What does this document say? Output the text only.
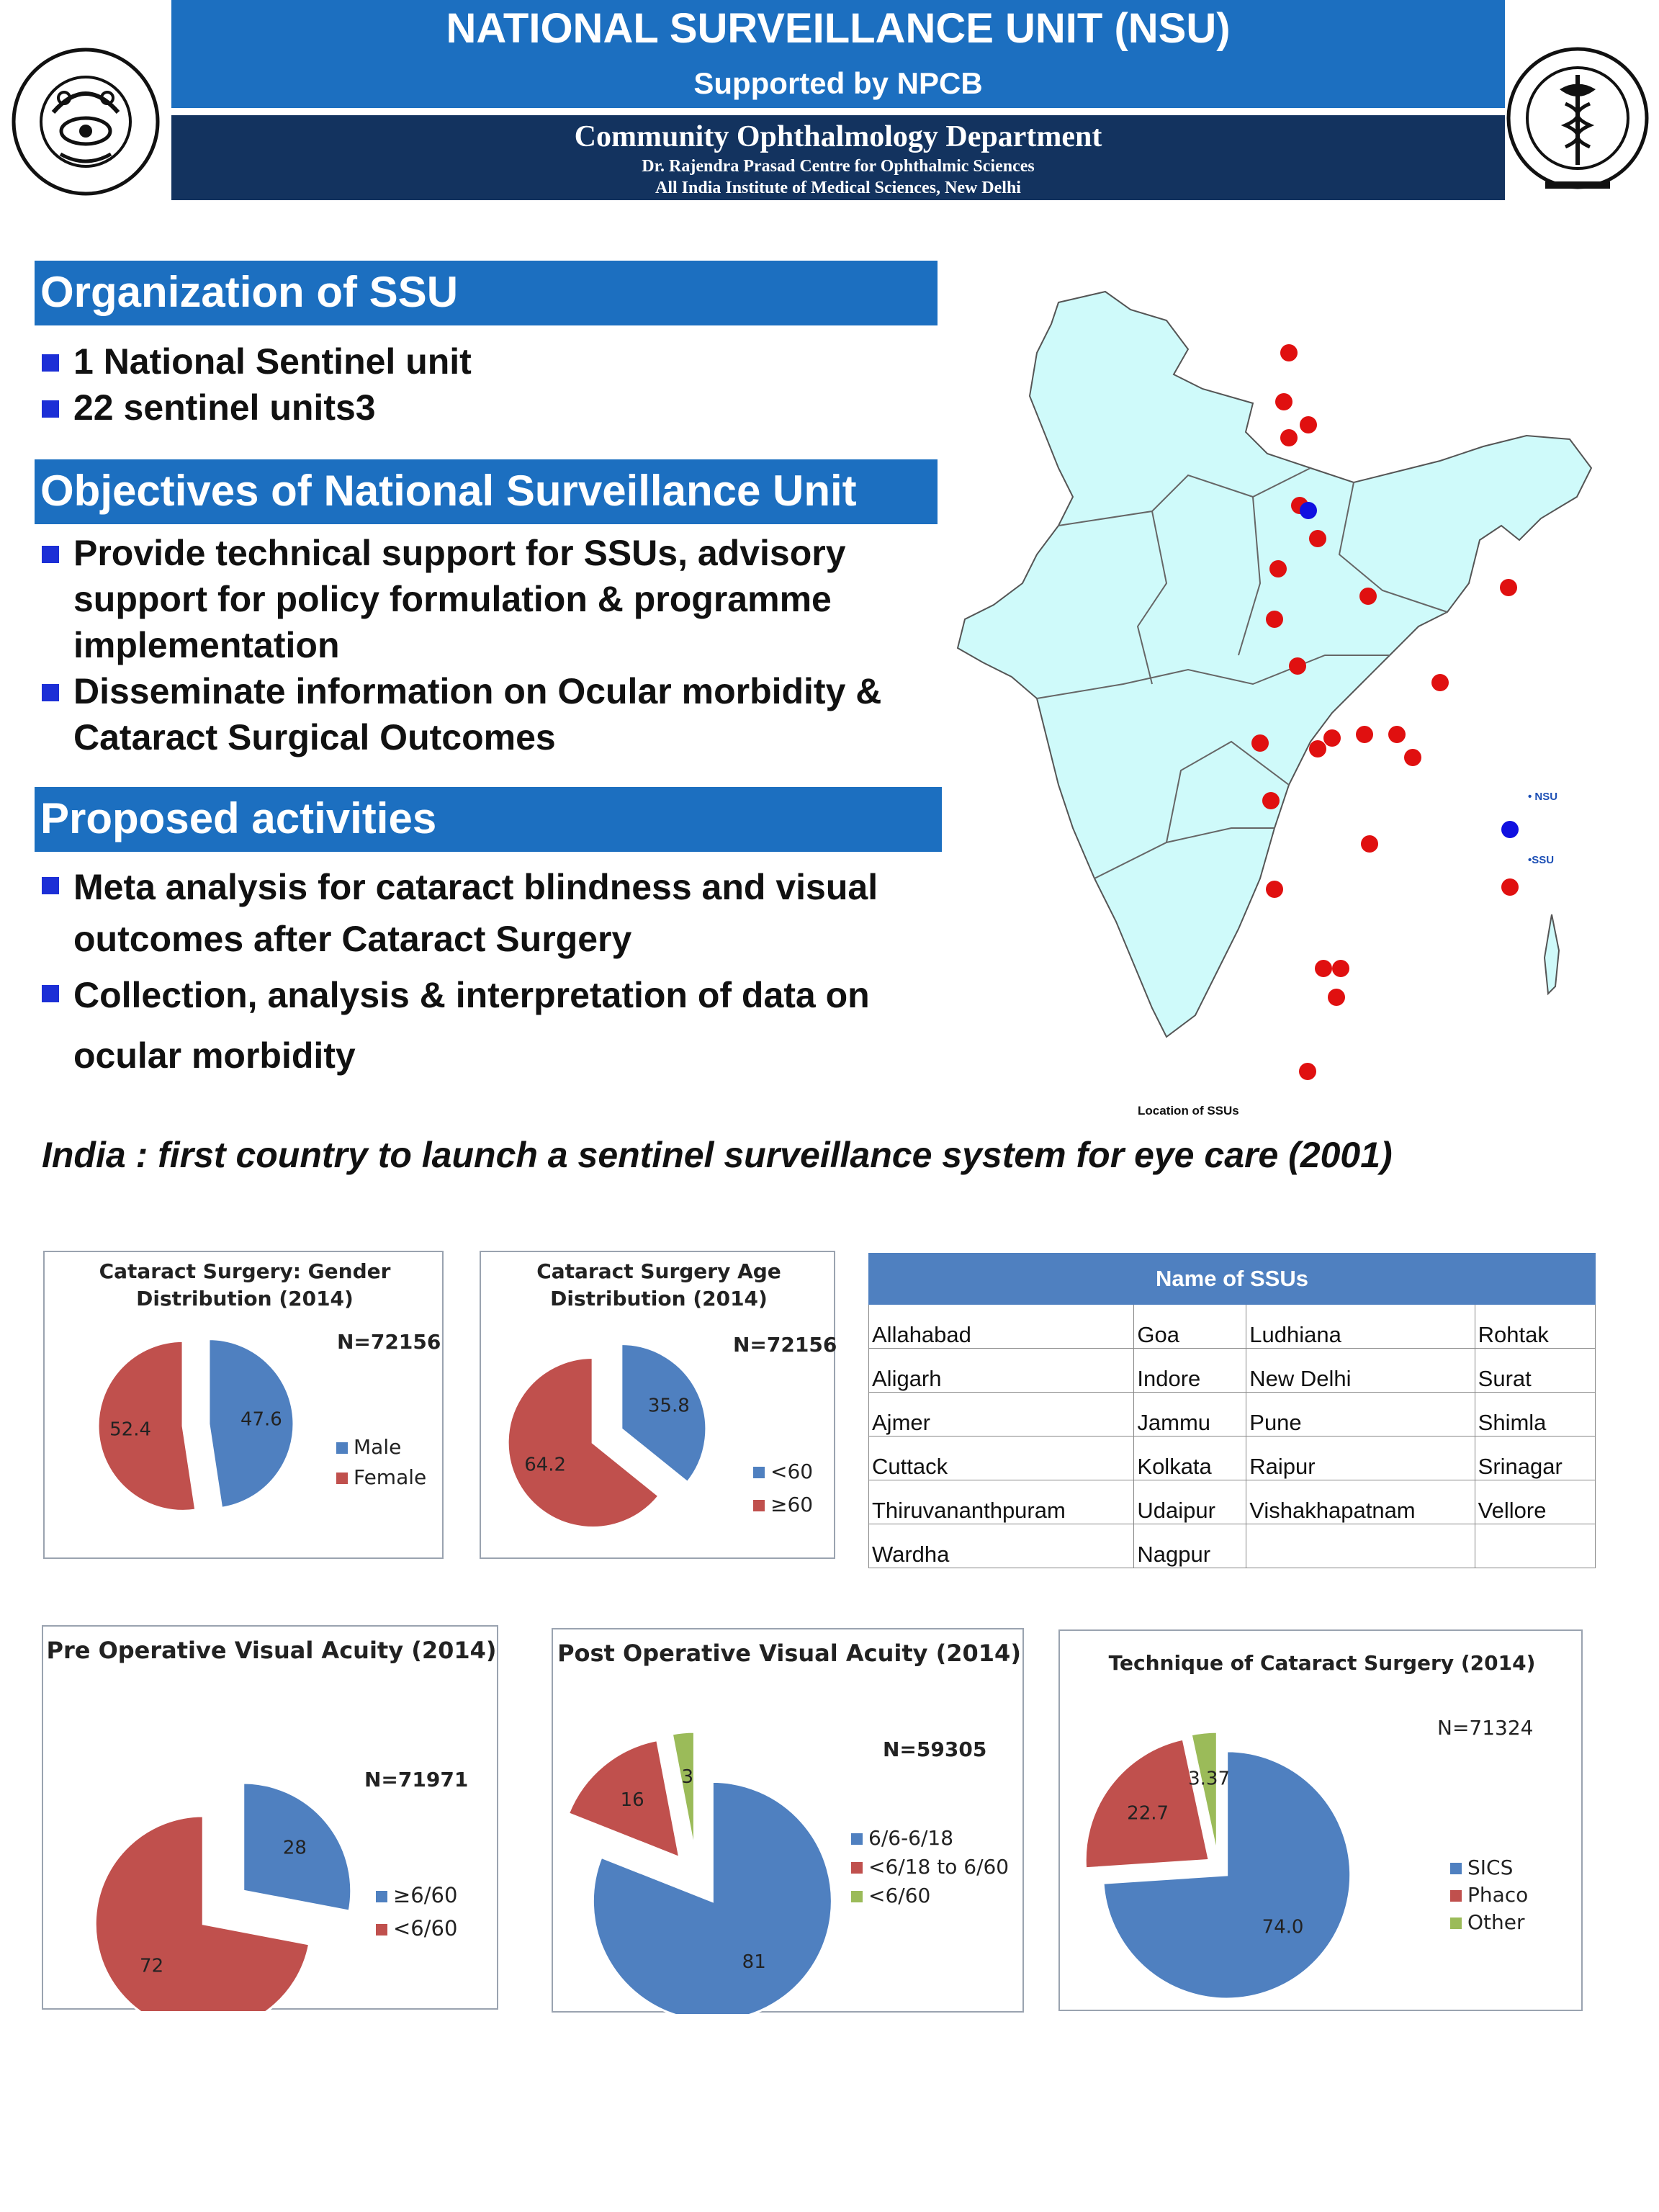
NATIONAL SURVEILLANCE UNIT (NSU)
Supported by NPCB
Community Ophthalmology Department
Dr. Rajendra Prasad Centre for Ophthalmic Sciences
All India Institute of Medical Sciences, New Delhi
Organization of SSU
1 National Sentinel unit
22 sentinel units3
Objectives of National Surveillance Unit
Provide technical support for SSUs, advisory support for policy formulation & programme implementation
Disseminate information on Ocular morbidity & Cataract Surgical Outcomes
Proposed activities
Meta analysis for cataract blindness and visual outcomes after Cataract Surgery
Collection, analysis & interpretation of data on ocular morbidity
• NSU
•SSU
Location of SSUs
India : first country to launch a sentinel surveillance system for eye care (2001)
Cataract Surgery: Gender Distribution (2014)
N=72156
47.6
52.4
Male
Female
Cataract Surgery Age Distribution (2014)
N=72156
35.8
64.2	<60
≥60
Name of SSUs			
Allahabad	Goa	Ludhiana	Rohtak
Aligarh	Indore	New Delhi	Surat
Ajmer	Jammu	Pune	Shimla
Cuttack	Kolkata	Raipur	Srinagar
Thiruvananthpuram	Udaipur	Vishakhapatnam	Vellore
Wardha	Nagpur		
Pre Operative Visual Acuity (2014)
N=71971
28
72
≥6/60
<6/60
Post Operative Visual Acuity (2014)
N=59305
81
16
3
6/6-6/18
<6/18 to 6/60
<6/60
Technique of Cataract Surgery (2014)
N=71324
74.0
22.7
3.37
SICS
Phaco
Other
